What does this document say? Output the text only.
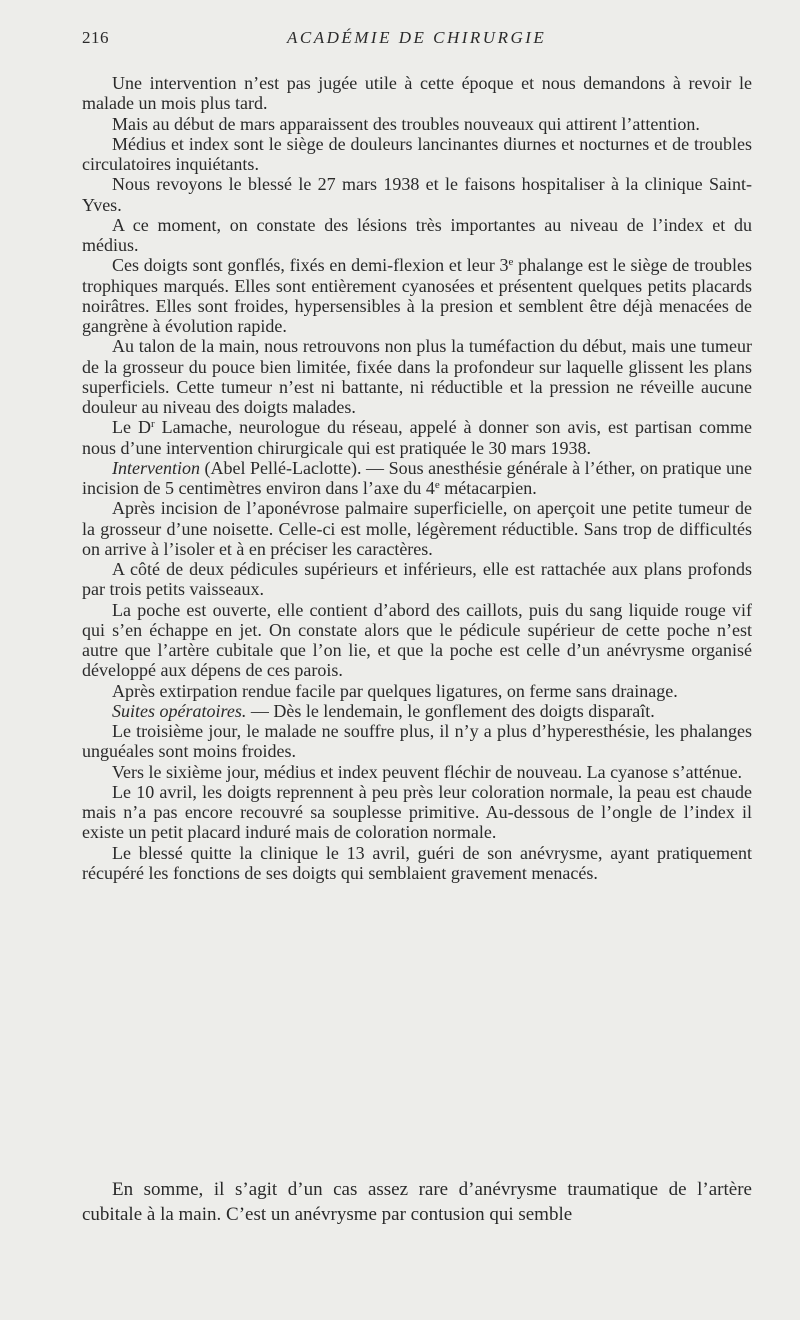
216	ACADÉMIE DE CHIRURGIE

Une intervention n’est pas jugée utile à cette époque et nous demandons à revoir le malade un mois plus tard.

Mais au début de mars apparaissent des troubles nouveaux qui attirent l’attention.

Médius et index sont le siège de douleurs lancinantes diurnes et nocturnes et de troubles circulatoires inquiétants.

Nous revoyons le blessé le 27 mars 1938 et le faisons hospitaliser à la clinique Saint-Yves.

A ce moment, on constate des lésions très importantes au niveau de l’index et du médius.

Ces doigts sont gonflés, fixés en demi-flexion et leur 3e phalange est le siège de troubles trophiques marqués. Elles sont entièrement cyanosées et présentent quelques petits placards noirâtres. Elles sont froides, hypersensibles à la presion et semblent être déjà menacées de gangrène à évolution rapide.

Au talon de la main, nous retrouvons non plus la tuméfaction du début, mais une tumeur de la grosseur du pouce bien limitée, fixée dans la profondeur sur laquelle glissent les plans superficiels. Cette tumeur n’est ni battante, ni réductible et la pression ne réveille aucune douleur au niveau des doigts malades.

Le $D^r$ Lamache, neurologue du réseau, appelé à donner son avis, est partisan comme nous d’une intervention chirurgicale qui est pratiquée le 30 mars 1938.

Intervention (Abel Pellé-Laclotte). — Sous anesthésie générale à l’éther, on pratique une incision de 5 centimètres environ dans l’axe du 4e métacarpien.

Après incision de l’aponévrose palmaire superficielle, on aperçoit une petite tumeur de la grosseur d’une noisette. Celle-ci est molle, légèrement réductible. Sans trop de difficultés on arrive à l’isoler et à en préciser les caractères.

A côté de deux pédicules supérieurs et inférieurs, elle est rattachée aux plans profonds par trois petits vaisseaux.

La poche est ouverte, elle contient d’abord des caillots, puis du sang liquide rouge vif qui s’en échappe en jet. On constate alors que le pédicule supérieur de cette poche n’est autre que l’artère cubitale que l’on lie, et que la poche est celle d’un anévrysme organisé développé aux dépens de ces parois.

Après extirpation rendue facile par quelques ligatures, on ferme sans drainage.

Suites opératoires. — Dès le lendemain, le gonflement des doigts disparaît.

Le troisième jour, le malade ne souffre plus, il n’y a plus d’hyperesthésie, les phalanges unguéales sont moins froides.

Vers le sixième jour, médius et index peuvent fléchir de nouveau. La cyanose s’atténue.

Le 10 avril, les doigts reprennent à peu près leur coloration normale, la peau est chaude mais n’a pas encore recouvré sa souplesse primitive. Au-dessous de l’ongle de l’index il existe un petit placard induré mais de coloration normale.

Le blessé quitte la clinique le 13 avril, guéri de son anévrysme, ayant pratiquement récupéré les fonctions de ses doigts qui semblaient gravement menacés.

En somme, il s’agit d’un cas assez rare d’anévrysme traumatique de l’artère cubitale à la main. C’est un anévrysme par contusion qui semble
